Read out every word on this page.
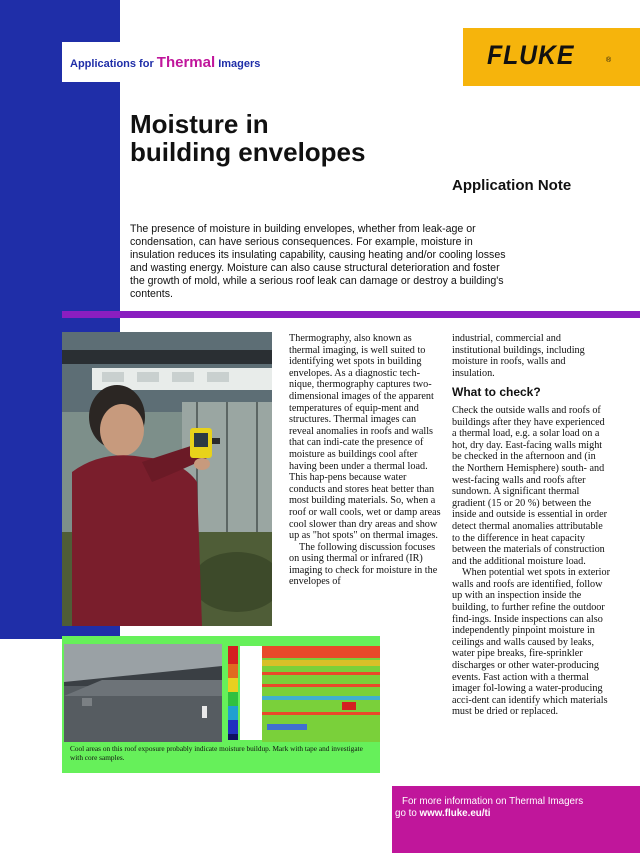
Applications for Thermal Imagers	FLUKE	®
Moisture in
building envelopes
Application Note

The presence of moisture in building envelopes, whether from leak-age or condensation, can have serious consequences. For example, moisture in insulation reduces its insulating capability, causing heating and/or cooling losses and wasting energy. Moisture can also cause structural deterioration and foster the growth of mold, while a serious roof leak can damage or destroy a building's contents.

Thermography, also known as thermal imaging, is well suited to identifying wet spots in building envelopes. As a diagnostic tech-nique, thermography captures two-dimensional images of the apparent temperatures of equip-ment and structures. Thermal images can reveal anomalies in roofs and walls that can indi-cate the presence of moisture as buildings cool after having been under a thermal load. This hap-pens because water conducts and stores heat better than most building materials. So, when a roof or wall cools, wet or damp areas cool slower than dry areas and show up as "hot spots" on thermal images.

The following discussion focuses on using thermal or infrared (IR) imaging to check for moisture in the envelopes of

industrial, commercial and institutional buildings, including moisture in roofs, walls and insulation.

What to check?

Check the outside walls and roofs of buildings after they have experienced a thermal load, e.g. a solar load on a hot, dry day. East-facing walls might be checked in the afternoon and (in the Northern Hemisphere) south- and west-facing walls and roofs after sundown. A significant thermal gradient (15 or 20 %) between the inside and outside is essential in order detect thermal anomalies attributable to the difference in heat capacity between the materials of construction and the additional moisture load.

When potential wet spots in exterior walls and roofs are identified, follow up with an inspection inside the building, to further refine the outdoor find-ings. Inside inspections can also independently pinpoint moisture in ceilings and walls caused by leaks, water pipe breaks, fire-sprinkler discharges or other water-producing events. Fast action with a thermal imager fol-lowing a water-producing acci-dent can identify which materials must be dried or replaced.

Cool areas on this roof exposure probably indicate moisture buildup. Mark with tape and investigate with core samples.

For more information on Thermal Imagers
go to www.fluke.eu/ti
